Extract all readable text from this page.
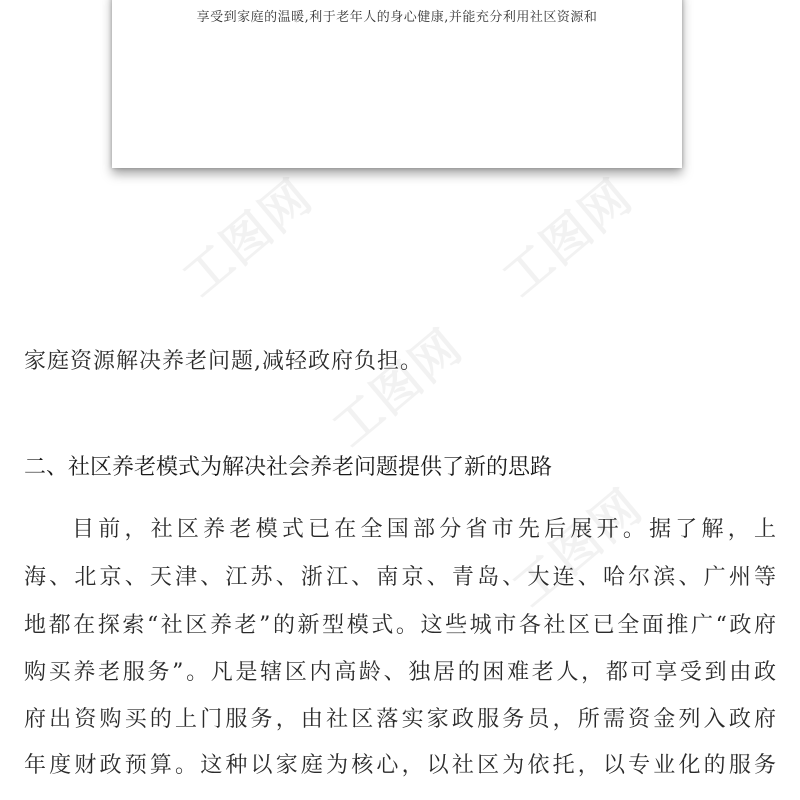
享受到家庭的温暖,利于老年人的身心健康,并能充分利用社区资源和
工图网	工图网
工图网
工图网
家庭资源解决养老问题,减轻政府负担。
二、社区养老模式为解决社会养老问题提供了新的思路
目前，社区养老模式已在全国部分省市先后展开。据了解，上
海、北京、天津、江苏、浙江、南京、青岛、大连、哈尔滨、广州等
地都在探索“社区养老”的新型模式。这些城市各社区已全面推广“政府
购买养老服务”。凡是辖区内高龄、独居的困难老人，都可享受到由政
府出资购买的上门服务，由社区落实家政服务员，所需资金列入政府
年度财政预算。这种以家庭为核心，以社区为依托，以专业化的服务
